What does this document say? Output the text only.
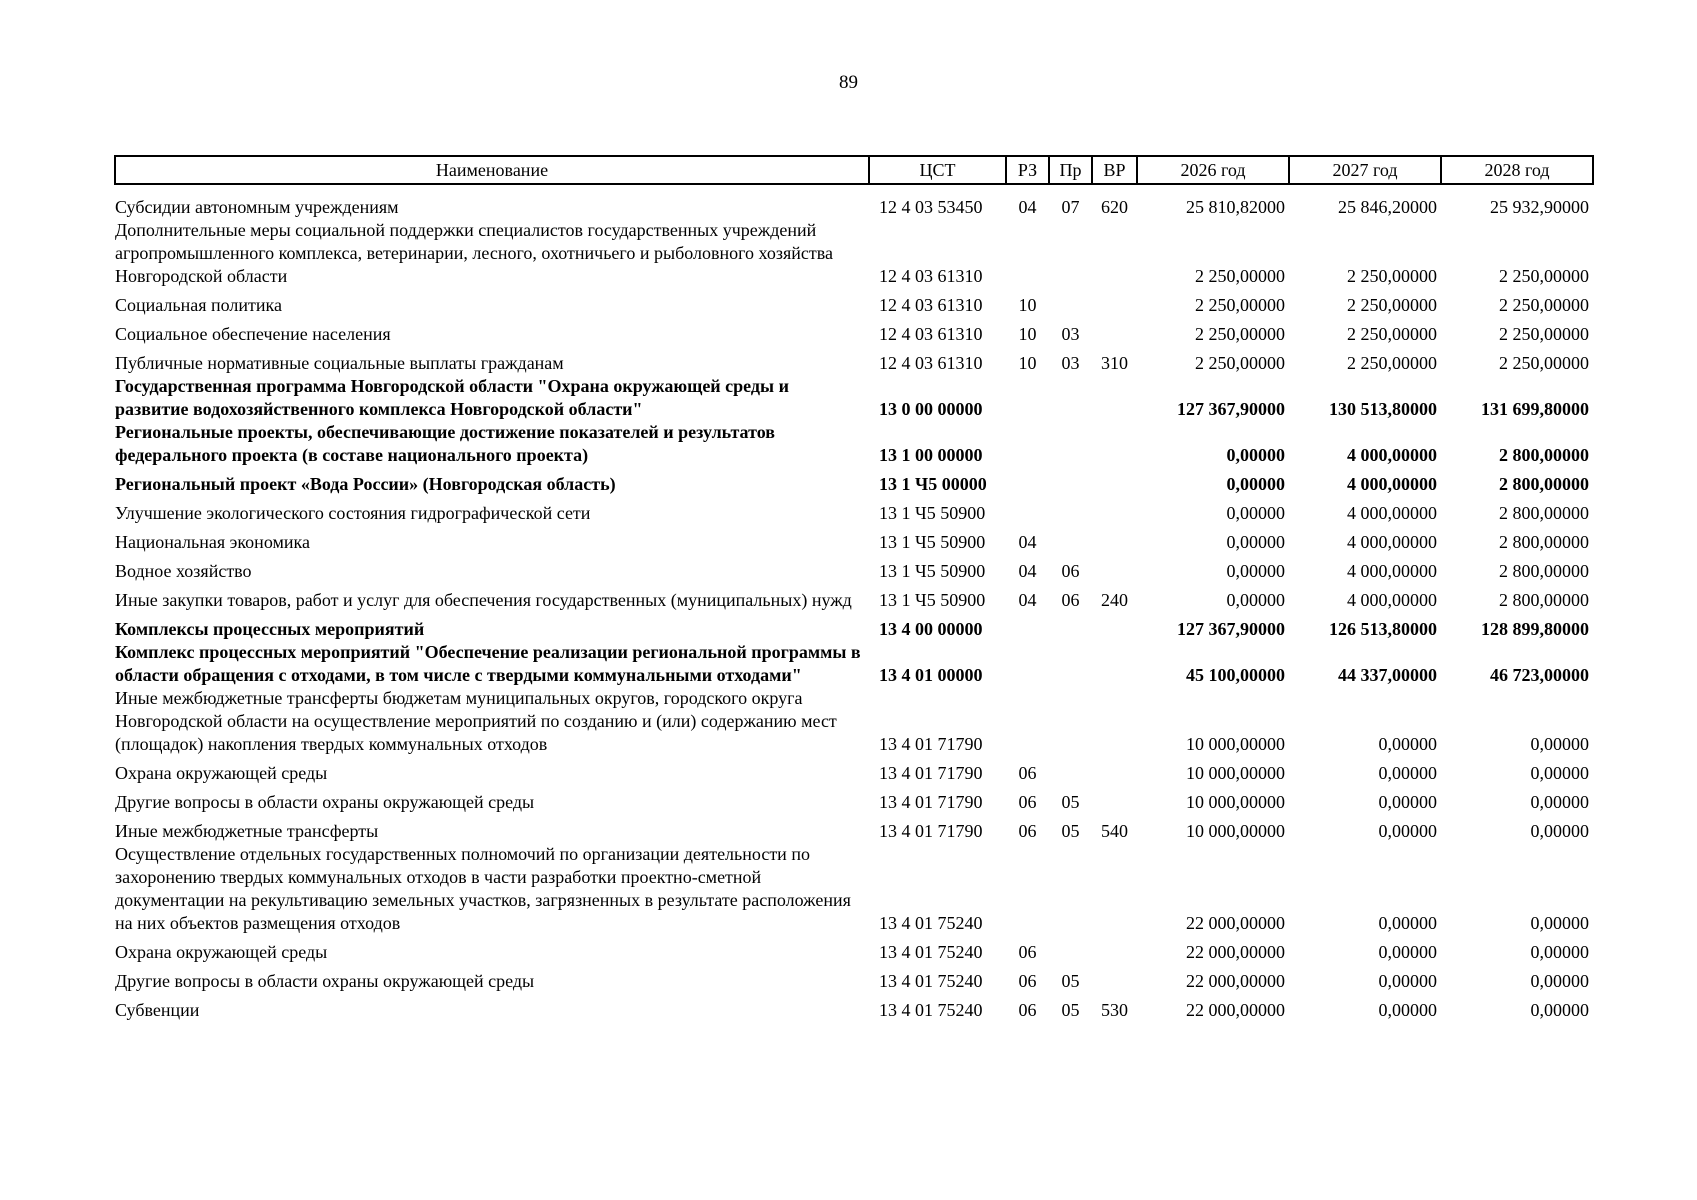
89
Наименование	ЦСТ	РЗ	Пр	ВР	2026 год	2027 год	2028 год
Субсидии автономным учреждениям	12 4 03 53450	04	07	620	25 810,82000	25 846,20000	25 932,90000
Дополнительные меры социальной поддержки специалистов государственных учреждений агропромышленного комплекса, ветеринарии, лесного, охотничьего и рыболовного хозяйства Новгородской области	12 4 03 61310				2 250,00000	2 250,00000	2 250,00000
Социальная политика	12 4 03 61310	10			2 250,00000	2 250,00000	2 250,00000
Социальное обеспечение населения	12 4 03 61310	10	03		2 250,00000	2 250,00000	2 250,00000
Публичные нормативные социальные выплаты гражданам	12 4 03 61310	10	03	310	2 250,00000	2 250,00000	2 250,00000
Государственная программа Новгородской области "Охрана окружающей среды и развитие водохозяйственного комплекса Новгородской области"	13 0 00 00000				127 367,90000	130 513,80000	131 699,80000
Региональные проекты, обеспечивающие достижение показателей и результатов федерального проекта (в составе национального проекта)	13 1 00 00000				0,00000	4 000,00000	2 800,00000
Региональный проект «Вода России» (Новгородская область)	13 1 Ч5 00000				0,00000	4 000,00000	2 800,00000
Улучшение экологического состояния гидрографической сети	13 1 Ч5 50900				0,00000	4 000,00000	2 800,00000
Национальная экономика	13 1 Ч5 50900	04			0,00000	4 000,00000	2 800,00000
Водное хозяйство	13 1 Ч5 50900	04	06		0,00000	4 000,00000	2 800,00000
Иные закупки товаров, работ и услуг для обеспечения государственных (муниципальных) нужд	13 1 Ч5 50900	04	06	240	0,00000	4 000,00000	2 800,00000
Комплексы процессных мероприятий	13 4 00 00000				127 367,90000	126 513,80000	128 899,80000
Комплекс процессных мероприятий "Обеспечение реализации региональной программы в области обращения с отходами, в том числе с твердыми коммунальными отходами"	13 4 01 00000				45 100,00000	44 337,00000	46 723,00000
Иные межбюджетные трансферты бюджетам муниципальных округов, городского округа Новгородской области на осуществление мероприятий по созданию и (или) содержанию мест (площадок) накопления твердых коммунальных отходов	13 4 01 71790				10 000,00000	0,00000	0,00000
Охрана окружающей среды	13 4 01 71790	06			10 000,00000	0,00000	0,00000
Другие вопросы в области охраны окружающей среды	13 4 01 71790	06	05		10 000,00000	0,00000	0,00000
Иные межбюджетные трансферты	13 4 01 71790	06	05	540	10 000,00000	0,00000	0,00000
Осуществление отдельных государственных полномочий по организации деятельности по захоронению твердых коммунальных отходов в части разработки проектно-сметной документации на рекультивацию земельных участков, загрязненных в результате расположения на них объектов размещения отходов	13 4 01 75240				22 000,00000	0,00000	0,00000
Охрана окружающей среды	13 4 01 75240	06			22 000,00000	0,00000	0,00000
Другие вопросы в области охраны окружающей среды	13 4 01 75240	06	05		22 000,00000	0,00000	0,00000
Субвенции	13 4 01 75240	06	05	530	22 000,00000	0,00000	0,00000
